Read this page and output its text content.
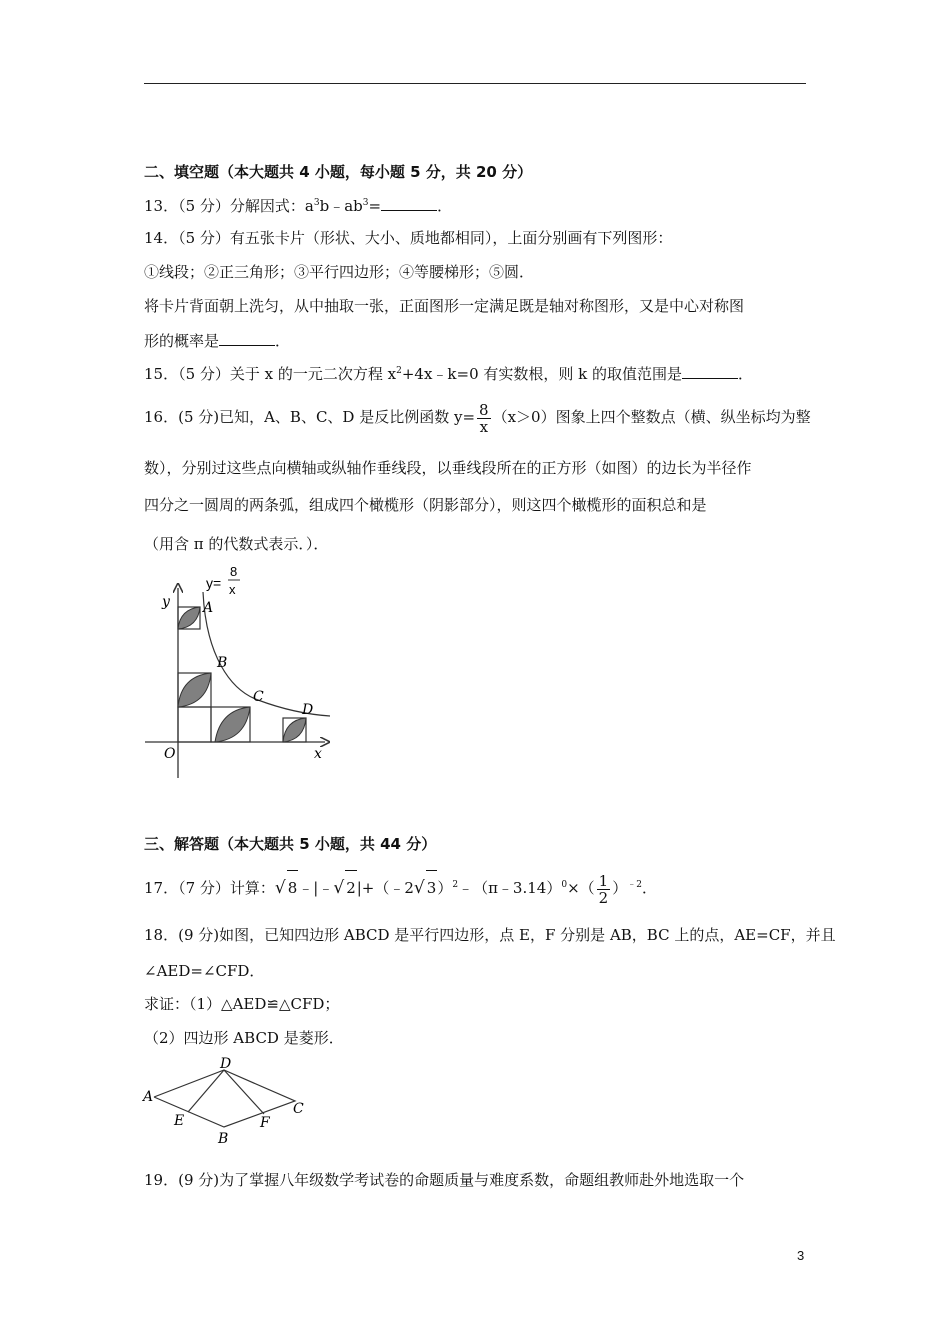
二、填空题（本大题共 4 小题，每小题 5 分，共 20 分）
13．（5 分）分解因式：$a^3b﹣ab^3=$	．
14．（5 分）有五张卡片（形状、大小、质地都相同），上面分别画有下列图形：
①线段；②正三角形；③平行四边形；④等腰梯形；⑤圆．
将卡片背面朝上洗匀，从中抽取一张，正面图形一定满足既是轴对称图形，又是中心对称图
形的概率是	．
15．（5 分）关于 x 的一元二次方程 $x^2+4x﹣k=0$ 有实数根，则 k 的取值范围是	．
16．(5 分)已知，A、B、C、D 是反比例函数 $y= \frac{8}{x} (x>0)$图象上四个整数点（横、纵坐标均为整
数），分别过这些点向横轴或纵轴作垂线段，以垂线段所在的正方形（如图）的边长为半径作
四分之一圆周的两条弧，组成四个橄榄形（阴影部分），则这四个橄榄形的面积总和是
（用含 π 的代数式表示．）．
y=
8
x
y
x
O
A
B
C
D
三、解答题（本大题共 5 小题，共 44 分）
17．（7 分）计算：√ 8﹣|﹣√ 2|+（﹣2√ 3）$^2$﹣（π﹣3.14）$^0$×（ $\frac{1}{2} )^{﹣2}$．
18．(9 分)如图，已知四边形 ABCD 是平行四边形，点 E，F 分别是 AB，BC 上的点，AE=CF，并且
∠AED=∠CFD．
求证：（1）△AED≌△CFD；
（2）四边形 ABCD 是菱形．
A
D
E	F
C
B
19．(9 分)为了掌握八年级数学考试卷的命题质量与难度系数，命题组教师赴外地选取一个
3
